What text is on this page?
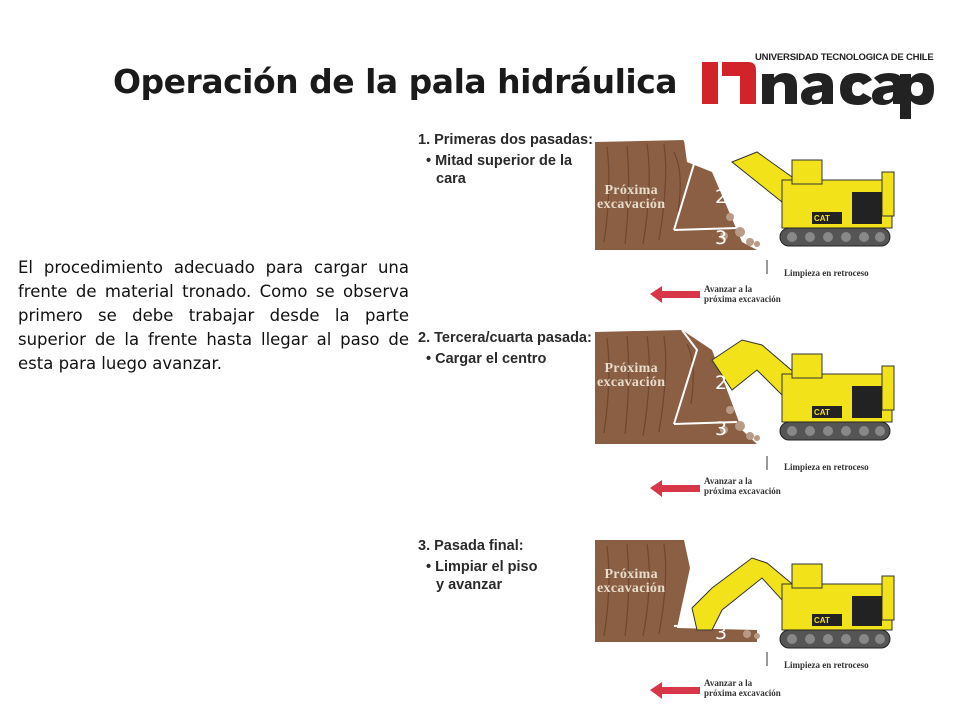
Operación de la pala hidráulica
UNIVERSIDAD TECNOLOGICA DE CHILE
El procedimiento adecuado para cargar una frente de material tronado. Como se observa primero se debe trabajar desde la parte superior de la frente hasta llegar al paso de esta para luego avanzar.
1. Primeras dos pasadas:
• Mitad superior de la
cara
CAT
Próxima
excavación
1
2
3
Limpieza en retroceso
Avanzar a la
próxima excavación
2. Tercera/cuarta pasada:
• Cargar el centro
CAT
Próxima
excavación	2
3
Limpieza en retroceso
Avanzar a la
próxima excavación
3. Pasada final:
• Limpiar el piso
y avanzar
CAT
Próxima
excavación
3
Limpieza en retroceso
Avanzar a la
próxima excavación
